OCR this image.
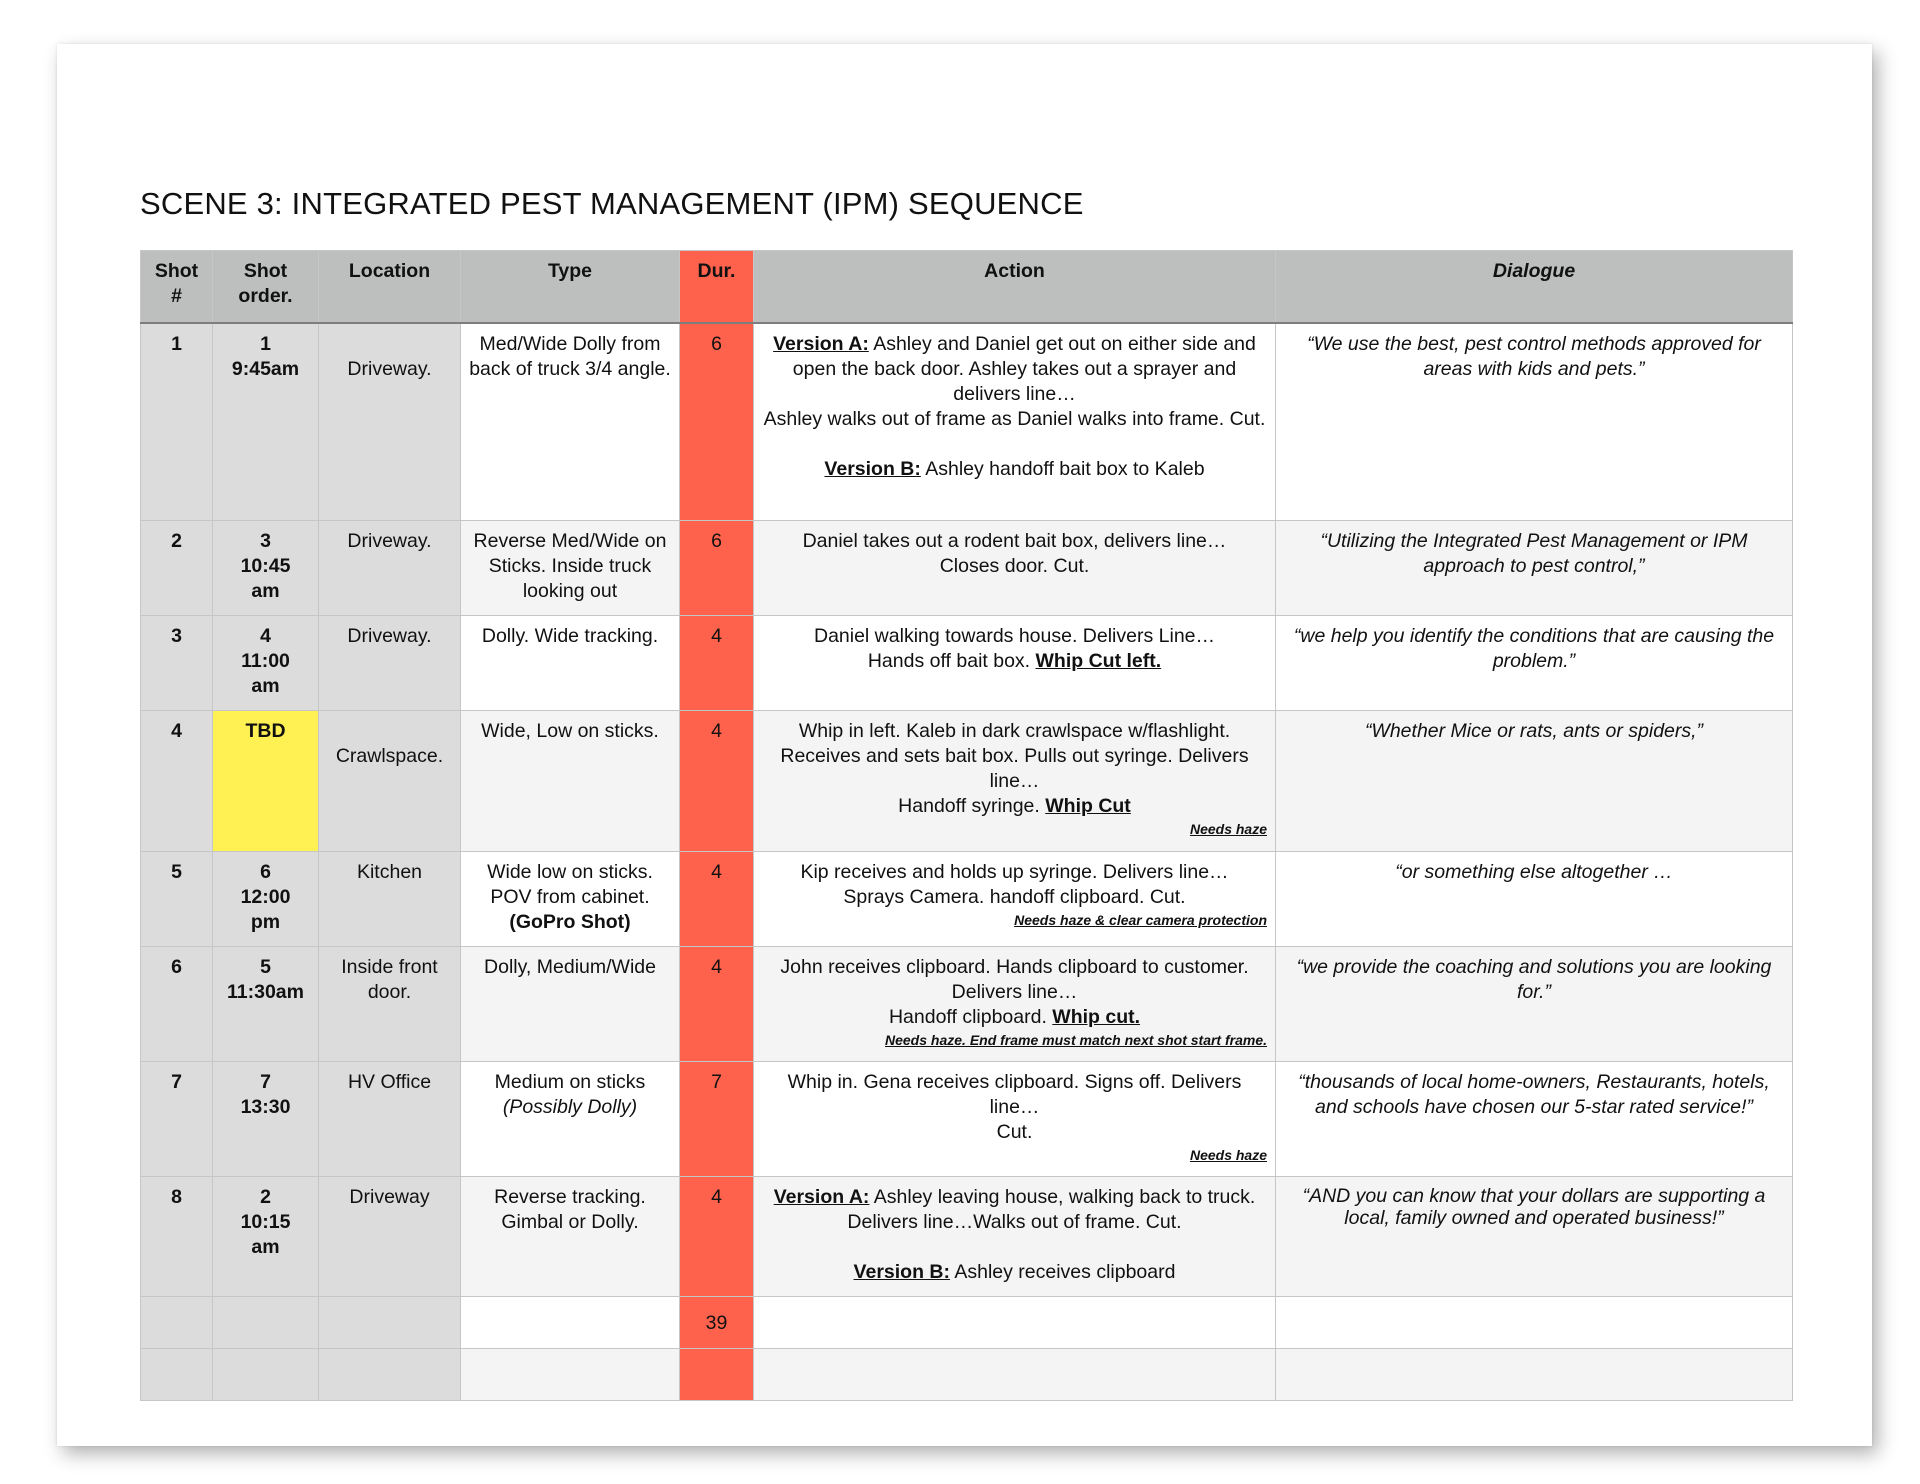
SCENE 3: INTEGRATED PEST MANAGEMENT (IPM) SEQUENCE
Shot
#	Shot
order.	Location	Type	Dur.	Action	Dialogue
1	1
9:45am	Driveway.	Med/Wide Dolly from back of truck 3/4 angle.	6	Version A: Ashley and Daniel get out on either side and open the back door. Ashley takes out a sprayer and delivers line…
Ashley walks out of frame as Daniel walks into frame. Cut.
Version B: Ashley handoff bait box to Kaleb	“We use the best, pest control methods approved for areas with kids and pets.”
2	3
10:45
am	Driveway.	Reverse Med/Wide on Sticks. Inside truck looking out	6	Daniel takes out a rodent bait box, delivers line…
Closes door. Cut.	“Utilizing the Integrated Pest Management or IPM approach to pest control,”
3	4
11:00
am	Driveway.	Dolly. Wide tracking.	4	Daniel walking towards house. Delivers Line…
Hands off bait box. Whip Cut left.	“we help you identify the conditions that are causing the problem.”
4	TBD	Crawlspace.	Wide, Low on sticks.	4	Whip in left. Kaleb in dark crawlspace w/flashlight. Receives and sets bait box. Pulls out syringe. Delivers line…
Handoff syringe. Whip Cut
Needs haze	“Whether Mice or rats, ants or spiders,”
5	6
12:00
pm	Kitchen	Wide low on sticks. POV from cabinet.
(GoPro Shot)	4	Kip receives and holds up syringe. Delivers line…
Sprays Camera. handoff clipboard. Cut.
Needs haze & clear camera protection	“or something else altogether …
6	5
11:30am	Inside front door.	Dolly, Medium/Wide	4	John receives clipboard. Hands clipboard to customer. Delivers line…
Handoff clipboard. Whip cut.
Needs haze. End frame must match next shot start frame.	“we provide the coaching and solutions you are looking for.”
7	7
13:30	HV Office	Medium on sticks
(Possibly Dolly)	7	Whip in. Gena receives clipboard. Signs off. Delivers line…
Cut.
Needs haze	“thousands of local home-owners, Restaurants, hotels, and schools have chosen our 5-star rated service!”
8	2
10:15
am	Driveway	Reverse tracking. Gimbal or Dolly.	4	Version A: Ashley leaving house, walking back to truck. Delivers line…Walks out of frame. Cut.
Version B: Ashley receives clipboard	“AND you can know that your dollars are supporting a local, family owned and operated business!”
				39		
